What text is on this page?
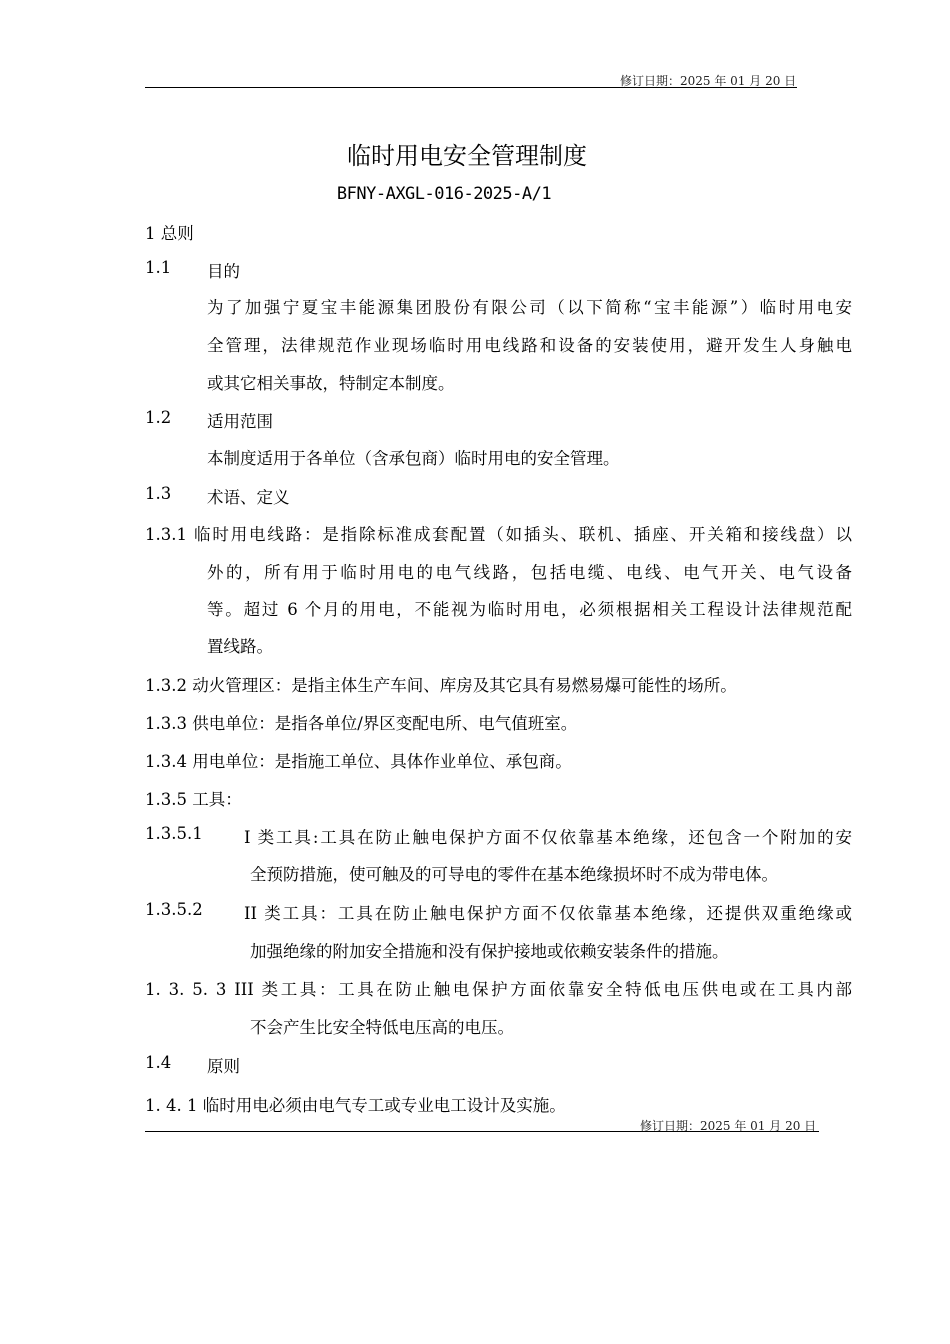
修订日期：2025 年 01 月 20 日
临时用电安全管理制度
BFNY-AXGL-016-2025-A/1
1 总则
1.1 目的
为了加强宁夏宝丰能源集团股份有限公司（以下简称“宝丰能源”）临时用电安
全管理，法律规范作业现场临时用电线路和设备的安装使用，避开发生人身触电
或其它相关事故，特制定本制度。
1.2 适用范围
本制度适用于各单位（含承包商）临时用电的安全管理。
1.3 术语、定义
1.3.1 临时用电线路：是指除标准成套配置（如插头、联机、插座、开关箱和接线盘）以
外的，所有用于临时用电的电气线路，包括电缆、电线、电气开关、电气设备
等。超过 6 个月的用电，不能视为临时用电，必须根据相关工程设计法律规范配
置线路。
1.3.2 动火管理区：是指主体生产车间、库房及其它具有易燃易爆可能性的场所。
1.3.3 供电单位：是指各单位/界区变配电所、电气值班室。
1.3.4 用电单位：是指施工单位、具体作业单位、承包商。
1.3.5 工具：
1.3.5.1	I 类工具:工具在防止触电保护方面不仅依靠基本绝缘，还包含一个附加的安
全预防措施，使可触及的可导电的零件在基本绝缘损坏时不成为带电体。
1.3.5.2	II 类工具：工具在防止触电保护方面不仅依靠基本绝缘，还提供双重绝缘或
加强绝缘的附加安全措施和没有保护接地或依赖安装条件的措施。
1. 3. 5. 3 III 类工具：工具在防止触电保护方面依靠安全特低电压供电或在工具内部
不会产生比安全特低电压高的电压。
1.4 原则
1. 4. 1 临时用电必须由电气专工或专业电工设计及实施。
修订日期：2025 年 01 月 20 日
